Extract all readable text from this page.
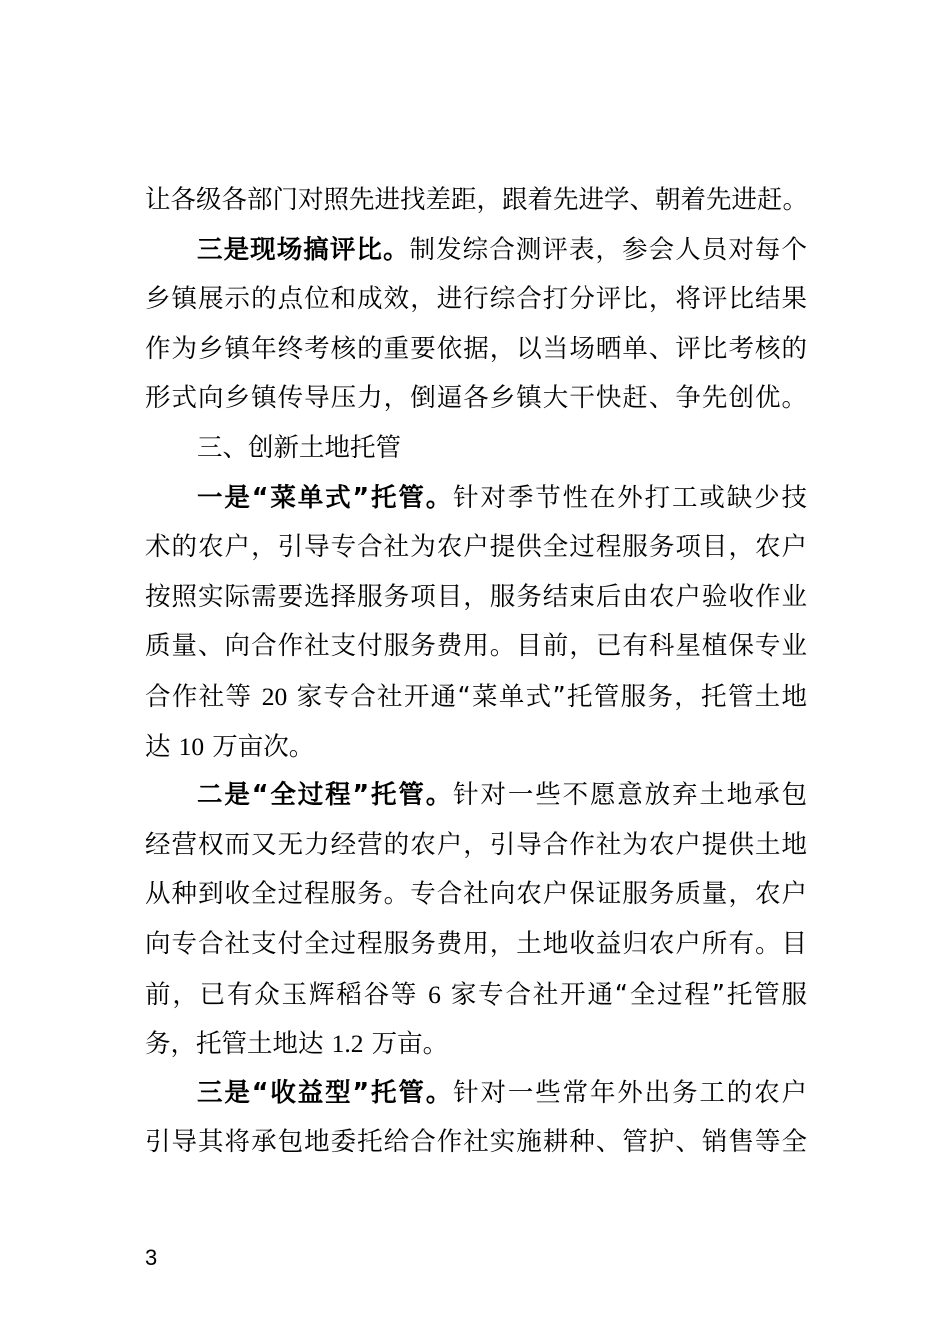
让各级各部门对照先进找差距，跟着先进学、朝着先进赶。
三是现场搞评比。制发综合测评表，参会人员对每个
乡镇展示的点位和成效，进行综合打分评比，将评比结果
作为乡镇年终考核的重要依据，以当场晒单、评比考核的
形式向乡镇传导压力，倒逼各乡镇大干快赶、争先创优。
三、创新土地托管
一是“菜单式”托管。针对季节性在外打工或缺少技
术的农户，引导专合社为农户提供全过程服务项目，农户
按照实际需要选择服务项目，服务结束后由农户验收作业
质量、向合作社支付服务费用。目前，已有科星植保专业
合作社等 20 家专合社开通“菜单式”托管服务，托管土地
达 10 万亩次。
二是“全过程”托管。针对一些不愿意放弃土地承包
经营权而又无力经营的农户，引导合作社为农户提供土地
从种到收全过程服务。专合社向农户保证服务质量，农户
向专合社支付全过程服务费用，土地收益归农户所有。目
前，已有众玉辉稻谷等 6 家专合社开通“全过程”托管服
务，托管土地达 1.2 万亩。
三是“收益型”托管。针对一些常年外出务工的农户
引导其将承包地委托给合作社实施耕种、管护、销售等全
3
